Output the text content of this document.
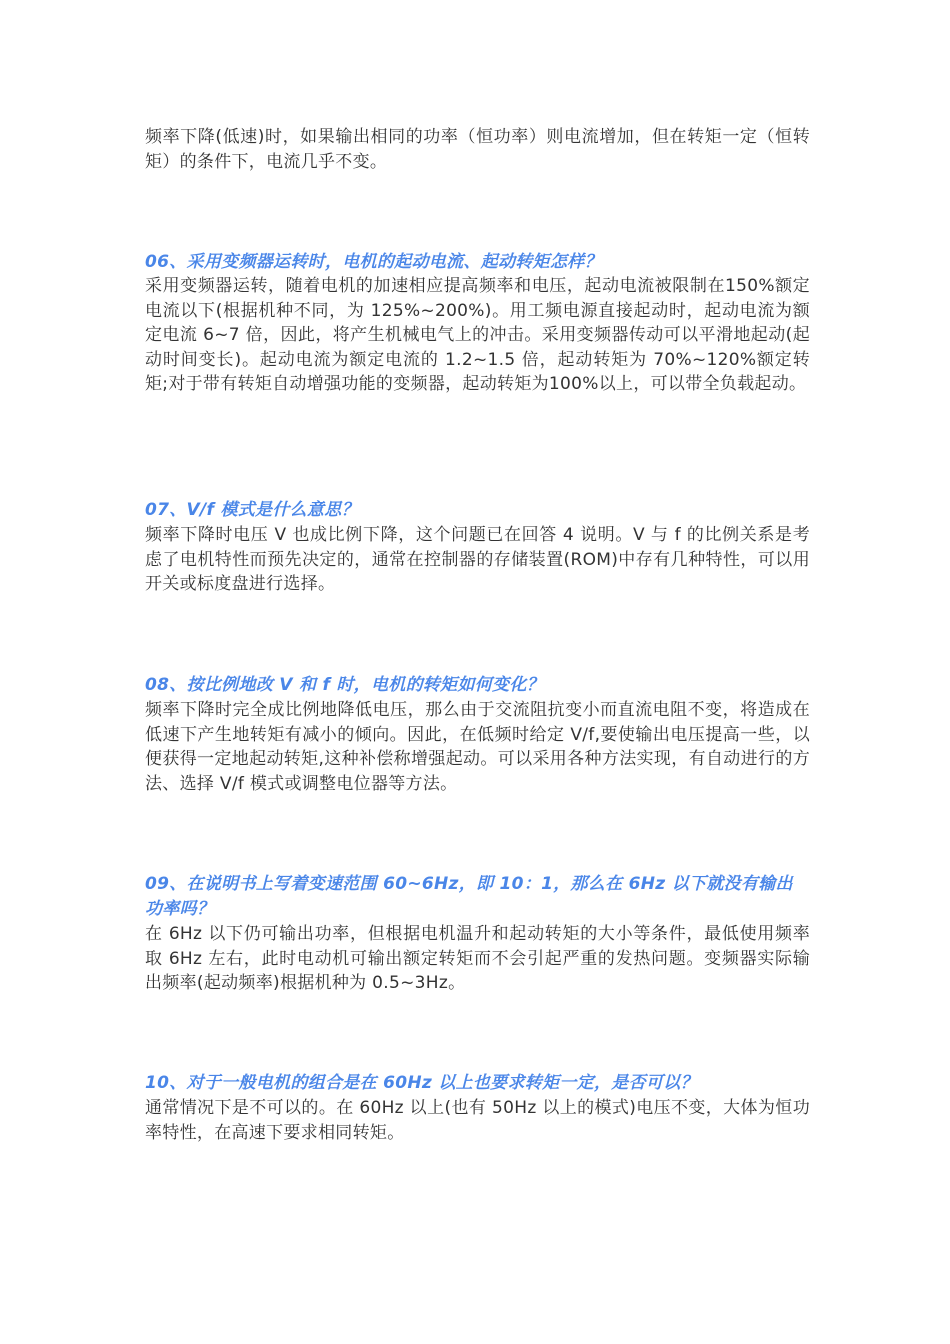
频率下降(低速)时，如果输出相同的功率（恒功率）则电流增加，但在转矩一定（恒转矩）的条件下，电流几乎不变。

06、采用变频器运转时，电机的起动电流、起动转矩怎样？

采用变频器运转，随着电机的加速相应提高频率和电压，起动电流被限制在150%额定电流以下(根据机种不同，为 125%~200%)。用工频电源直接起动时，起动电流为额定电流 6~7 倍，因此，将产生机械电气上的冲击。采用变频器传动可以平滑地起动(起动时间变长)。起动电流为额定电流的 1.2~1.5 倍，起动转矩为 70%~120%额定转矩;对于带有转矩自动增强功能的变频器，起动转矩为100%以上，可以带全负载起动。

07、V/f 模式是什么意思？

频率下降时电压 V 也成比例下降，这个问题已在回答 4 说明。V 与 f 的比例关系是考虑了电机特性而预先决定的，通常在控制器的存储装置(ROM)中存有几种特性，可以用开关或标度盘进行选择。

08、按比例地改 V 和 f 时，电机的转矩如何变化？

频率下降时完全成比例地降低电压，那么由于交流阻抗变小而直流电阻不变，将造成在低速下产生地转矩有减小的倾向。因此，在低频时给定 V/f,要使输出电压提高一些，以便获得一定地起动转矩,这种补偿称增强起动。可以采用各种方法实现，有自动进行的方法、选择 V/f 模式或调整电位器等方法。

09、在说明书上写着变速范围 60~6Hz，即 10：1，那么在 6Hz 以下就没有输出功率吗？

在 6Hz 以下仍可输出功率，但根据电机温升和起动转矩的大小等条件，最低使用频率取 6Hz 左右，此时电动机可输出额定转矩而不会引起严重的发热问题。变频器实际输出频率(起动频率)根据机种为 0.5~3Hz。

10、对于一般电机的组合是在 60Hz 以上也要求转矩一定，是否可以？

通常情况下是不可以的。在 60Hz 以上(也有 50Hz 以上的模式)电压不变，大体为恒功率特性，在高速下要求相同转矩。
